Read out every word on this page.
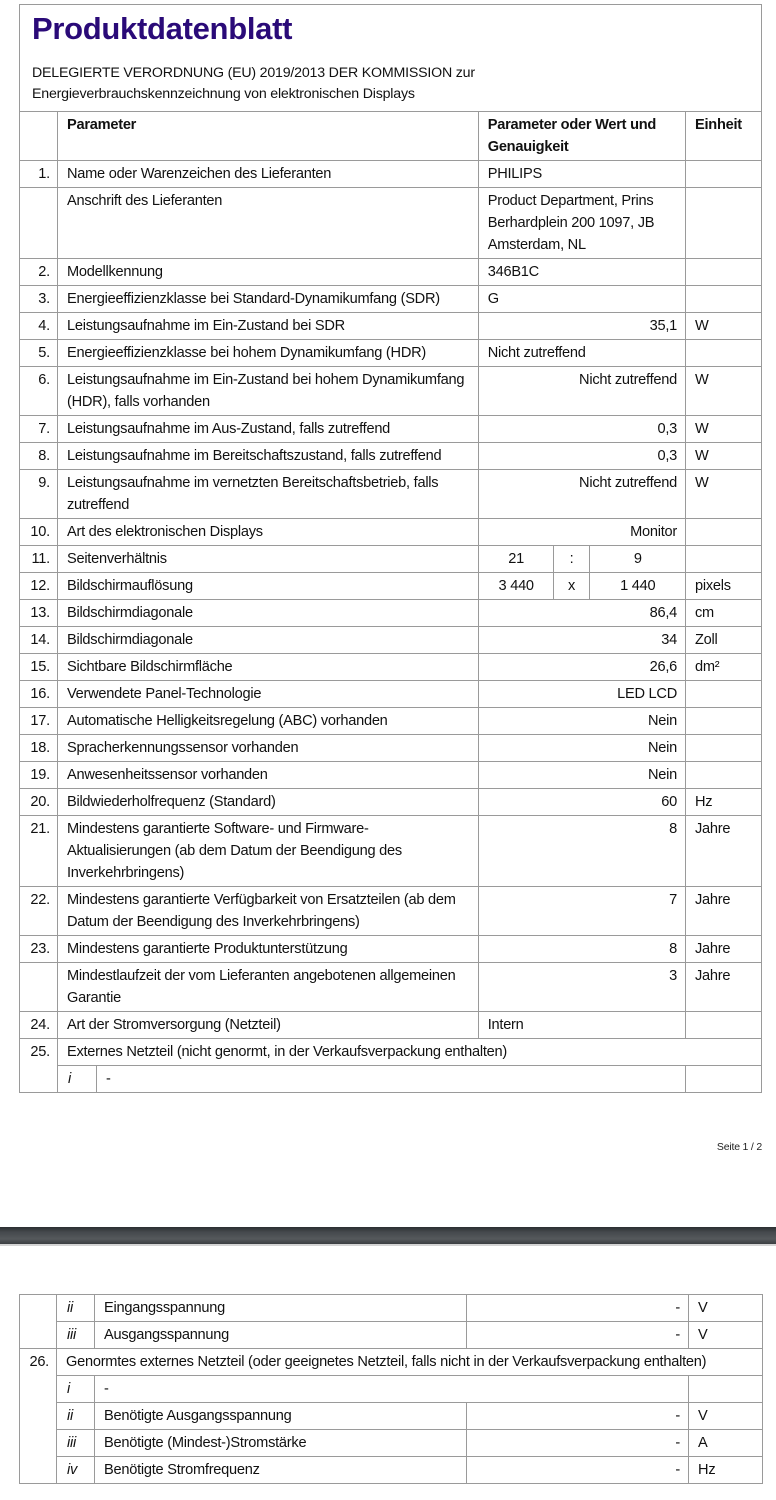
Produktdatenblatt
DELEGIERTE VERORDNUNG (EU) 2019/2013 DER KOMMISSION zur
Energieverbrauchskennzeichnung von elektronischen Displays
	Parameter		Parameter oder Wert und Genauigkeit			Einheit
1.	Name oder Warenzeichen des Lieferanten		PHILIPS			
	Anschrift des Lieferanten		Product Department, Prins Berhardplein 200 1097, JB Amsterdam, NL			
2.	Modellkennung		346B1C			
3.	Energieeffizienzklasse bei Standard-Dynamikumfang (SDR)		G			
4.	Leistungsaufnahme im Ein-Zustand bei SDR		35,1			W
5.	Energieeffizienzklasse bei hohem Dynamikumfang (HDR)		Nicht zutreffend			
6.	Leistungsaufnahme im Ein-Zustand bei hohem Dynamikumfang (HDR), falls vorhanden		Nicht zutreffend			W
7.	Leistungsaufnahme im Aus-Zustand, falls zutreffend		0,3			W
8.	Leistungsaufnahme im Bereitschaftszustand, falls zutreffend		0,3			W
9.	Leistungsaufnahme im vernetzten Bereitschaftsbetrieb, falls zutreffend		Nicht zutreffend			W
10.	Art des elektronischen Displays		Monitor			
11.	Seitenverhältnis		21	:	9	
12.	Bildschirmauflösung		3 440	x	1 440	pixels
13.	Bildschirmdiagonale		86,4			cm
14.	Bildschirmdiagonale		34			Zoll
15.	Sichtbare Bildschirmfläche		26,6			dm²
16.	Verwendete Panel-Technologie		LED LCD			
17.	Automatische Helligkeitsregelung (ABC) vorhanden		Nein			
18.	Spracherkennungssensor vorhanden		Nein			
19.	Anwesenheitssensor vorhanden		Nein			
20.	Bildwiederholfrequenz (Standard)		60			Hz
21.	Mindestens garantierte Software- und Firmware-Aktualisierungen (ab dem Datum der Beendigung des Inverkehrbringens)		8			Jahre
22.	Mindestens garantierte Verfügbarkeit von Ersatzteilen (ab dem Datum der Beendigung des Inverkehrbringens)		7			Jahre
23.	Mindestens garantierte Produktunterstützung		8			Jahre
	Mindestlaufzeit der vom Lieferanten angebotenen allgemeinen Garantie		3			Jahre
24.	Art der Stromversorgung (Netzteil)		Intern			
25.	Externes Netzteil (nicht genormt, in der Verkaufsverpackung enthalten)					
	i	-				
Seite 1 / 2
	ii	Eingangsspannung	-	V
	iii	Ausgangsspannung	-	V
26.	Genormtes externes Netzteil (oder geeignetes Netzteil, falls nicht in der Verkaufsverpackung enthalten)			
	i	-		
	ii	Benötigte Ausgangsspannung	-	V
	iii	Benötigte (Mindest-)Stromstärke	-	A
	iv	Benötigte Stromfrequenz	-	Hz
